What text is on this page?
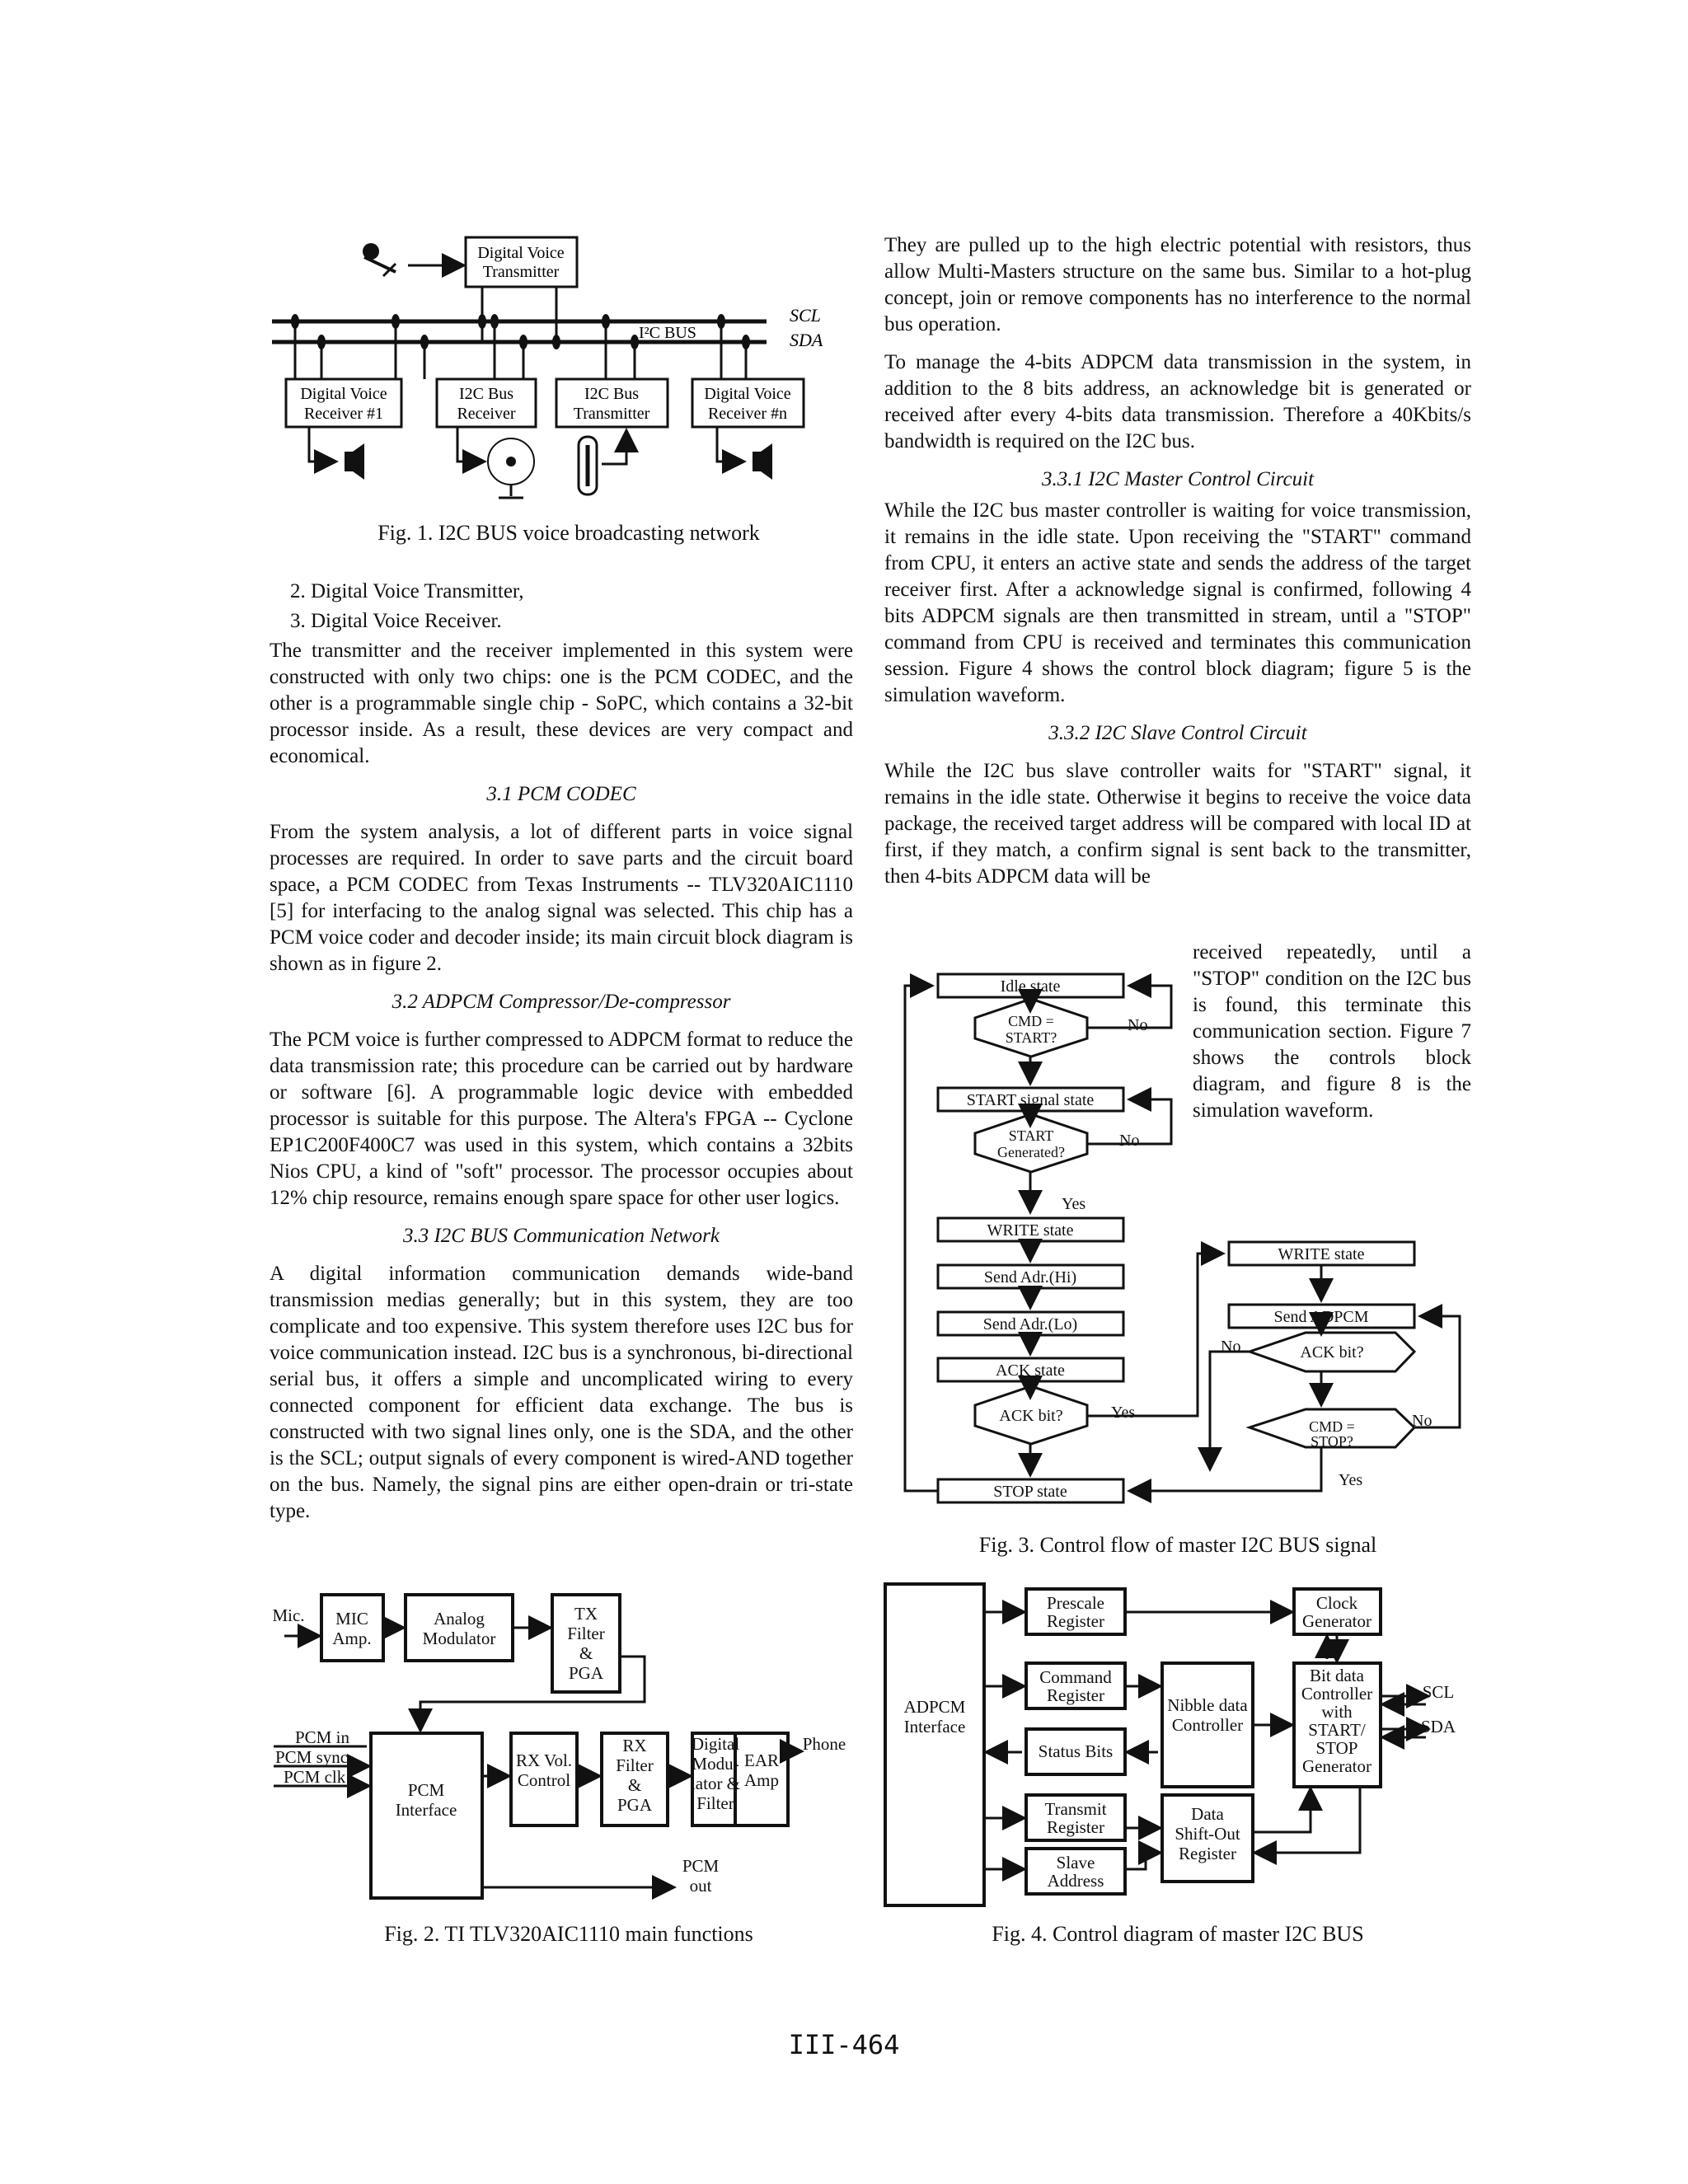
Digital Voice
Transmitter
SCL
SDA
I²C BUS
Digital Voice
Receiver #1
I2C Bus
Receiver
I2C Bus
Transmitter
Digital Voice
Receiver #n
Fig. 1. I2C BUS voice broadcasting network
2. Digital Voice Transmitter,
3. Digital Voice Receiver.

The transmitter and the receiver implemented in this system were constructed with only two chips: one is the PCM CODEC, and the other is a programmable single chip - SoPC, which contains a 32-bit processor inside. As a result, these devices are very compact and economical.

3.1 PCM CODEC

From the system analysis, a lot of different parts in voice signal processes are required. In order to save parts and the circuit board space, a PCM CODEC from Texas Instruments -- TLV320AIC1110 [5] for interfacing to the analog signal was selected. This chip has a PCM voice coder and decoder inside; its main circuit block diagram is shown as in figure 2.

3.2 ADPCM Compressor/De-compressor

The PCM voice is further compressed to ADPCM format to reduce the data transmission rate; this procedure can be carried out by hardware or software [6]. A programmable logic device with embedded processor is suitable for this purpose. The Altera's FPGA -- Cyclone EP1C200F400C7 was used in this system, which contains a 32bits Nios CPU, a kind of "soft" processor. The processor occupies about 12% chip resource, remains enough spare space for other user logics.

3.3 I2C BUS Communication Network

A digital information communication demands wide-band transmission medias generally; but in this system, they are too complicate and too expensive. This system therefore uses I2C bus for voice communication instead. I2C bus is a synchronous, bi-directional serial bus, it offers a simple and uncomplicated wiring to every connected component for efficient data exchange. The bus is constructed with two signal lines only, one is the SDA, and the other is the SCL; output signals of every component is wired-AND together on the bus. Namely, the signal pins are either open-drain or tri-state type.

They are pulled up to the high electric potential with resistors, thus allow Multi-Masters structure on the same bus. Similar to a hot-plug concept, join or remove components has no interference to the normal bus operation.

To manage the 4-bits ADPCM data transmission in the system, in addition to the 8 bits address, an acknowledge bit is generated or received after every 4-bits data transmission. Therefore a 40Kbits/s bandwidth is required on the I2C bus.

3.3.1 I2C Master Control Circuit

While the I2C bus master controller is waiting for voice transmission, it remains in the idle state. Upon receiving the "START" command from CPU, it enters an active state and sends the address of the target receiver first. After a acknowledge signal is confirmed, following 4 bits ADPCM signals are then transmitted in stream, until a "STOP" command from CPU is received and terminates this communication session. Figure 4 shows the control block diagram; figure 5 is the simulation waveform.

3.3.2 I2C Slave Control Circuit

While the I2C bus slave controller waits for "START" signal, it remains in the idle state. Otherwise it begins to receive the voice data package, the received target address will be compared with local ID at first, if they match, a confirm signal is sent back to the transmitter, then 4-bits ADPCM data will be

received repeatedly, until a "STOP" condition on the I2C bus is found, this terminate this communication section. Figure 7 shows the controls block diagram, and figure 8 is the simulation waveform.
Idle state
CMD =
START?
START signal state
START
Generated?
WRITE state
Send Adr.(Hi)
Send Adr.(Lo)
ACK state
ACK bit?
STOP state
WRITE state
Send ADPCM
ACK bit?
CMD =
STOP?
No
No
Yes
Yes
No
No
Yes
Fig. 3. Control flow of master I2C BUS signal
Mic. MIC
Amp.
Analog
Modulator
TX
Filter
&
PGA
PCM
Interface
RX Vol.
Control
RX
Filter
&
PGA
Digital
Modu-
lator &
Filter
EAR
Amp
Phone
PCM
out
PCM in
PCM sync
PCM clk
Fig. 2. TI TLV320AIC1110 main functions
ADPCM
Interface
Prescale
Register
Clock
Generator
Command
Register	Nibble data
Controller
Bit data
Controller
with
START/
STOP
Generator
Status Bits
Transmit
Register
Data
Shift-Out
Register
Slave
Address
SCL
SDA
Fig. 4. Control diagram of master I2C BUS
III-464
